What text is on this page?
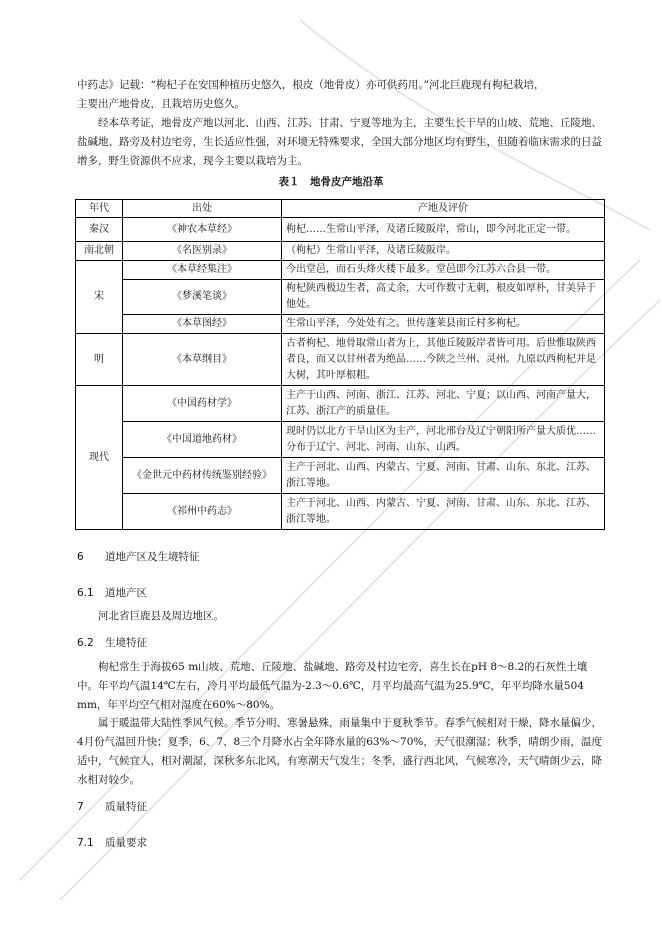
中药志》记载：“枸杞子在安国种植历史悠久，根皮（地骨皮）亦可供药用。”河北巨鹿现有枸杞栽培，

主要出产地骨皮，且栽培历史悠久。

经本草考证，地骨皮产地以河北、山西、江苏、甘肃、宁夏等地为主，主要生长干旱的山坡、荒地、丘陵地、盐碱地、路旁及村边宅旁，生长适应性强，对环境无特殊要求，全国大部分地区均有野生，但随着临床需求的日益增多，野生资源供不应求，现今主要以栽培为主。

表１　地骨皮产地沿革
年代	出处	产地及评价
秦汉	《神农本草经》	枸杞……生常山平泽，及诸丘陵阪岸，常山，即今河北正定一带。
南北朝	《名医别录》	（枸杞）生常山平泽，及诸丘陵阪岸。
宋	《本草经集注》	今出堂邑，而石头烽火楼下最多。堂邑即今江苏六合县一带。
	《梦溪笔谈》	枸杞陕西极边生者，高丈余，大可作数寸无刺，根皮如厚朴，甘美异于他处。
	《本草图经》	生常山平泽，今处处有之。世传蓬莱县南丘村多枸杞。
明	《本草纲目》	古者枸杞、地骨取常山者为上，其他丘陵阪岸者皆可用。后世惟取陕西者良，而又以甘州者为绝品……今陕之兰州、灵州。九原以西枸杞并是大树，其叶厚根粗。
现代	《中国药材学》	主产于山西、河南、浙江、江苏、河北、宁夏；以山西、河南产量大，江苏、浙江产的质量佳。
	《中国道地药材》	现时仍以北方干旱山区为主产，河北邢台及辽宁朝阳所产量大质优……分布于辽宁、河北、河南、山东、山西。
	《金世元中药材传统鉴别经验》	主产于河北、山西、内蒙古、宁夏、河南、甘肃、山东、东北、江苏、浙江等地。
	《祁州中药志》	主产于河北、山西、内蒙古、宁夏、河南、甘肃、山东、东北、江苏、浙江等地。
6 道地产区及生境特征
6.1 道地产区

河北省巨鹿县及周边地区。

6.2 生境特征

枸杞常生于海拔65 m山坡、荒地、丘陵地、盐碱地、路旁及村边宅旁，喜生长在pH 8～8.2的石灰性土壤中。年平均气温14℃左右，冷月平均最低气温为-2.3～0.6℃，月平均最高气温为25.9℃，年平均降水量504 mm，年平均空气相对湿度在60%～80%。

属于暖温带大陆性季风气候。季节分明、寒暑悬殊，雨量集中于夏秋季节。春季气候相对干燥，降水量偏少，4月份气温回升快；夏季，6、7、8三个月降水占全年降水量的63%～70%，天气很潮湿；秋季，晴朗少雨，温度适中，气候宜人，相对潮湿，深秋多东北风，有寒潮天气发生；冬季，盛行西北风，气候寒冷，天气晴朗少云，降水相对较少。

7 质量特征
7.1 质量要求
